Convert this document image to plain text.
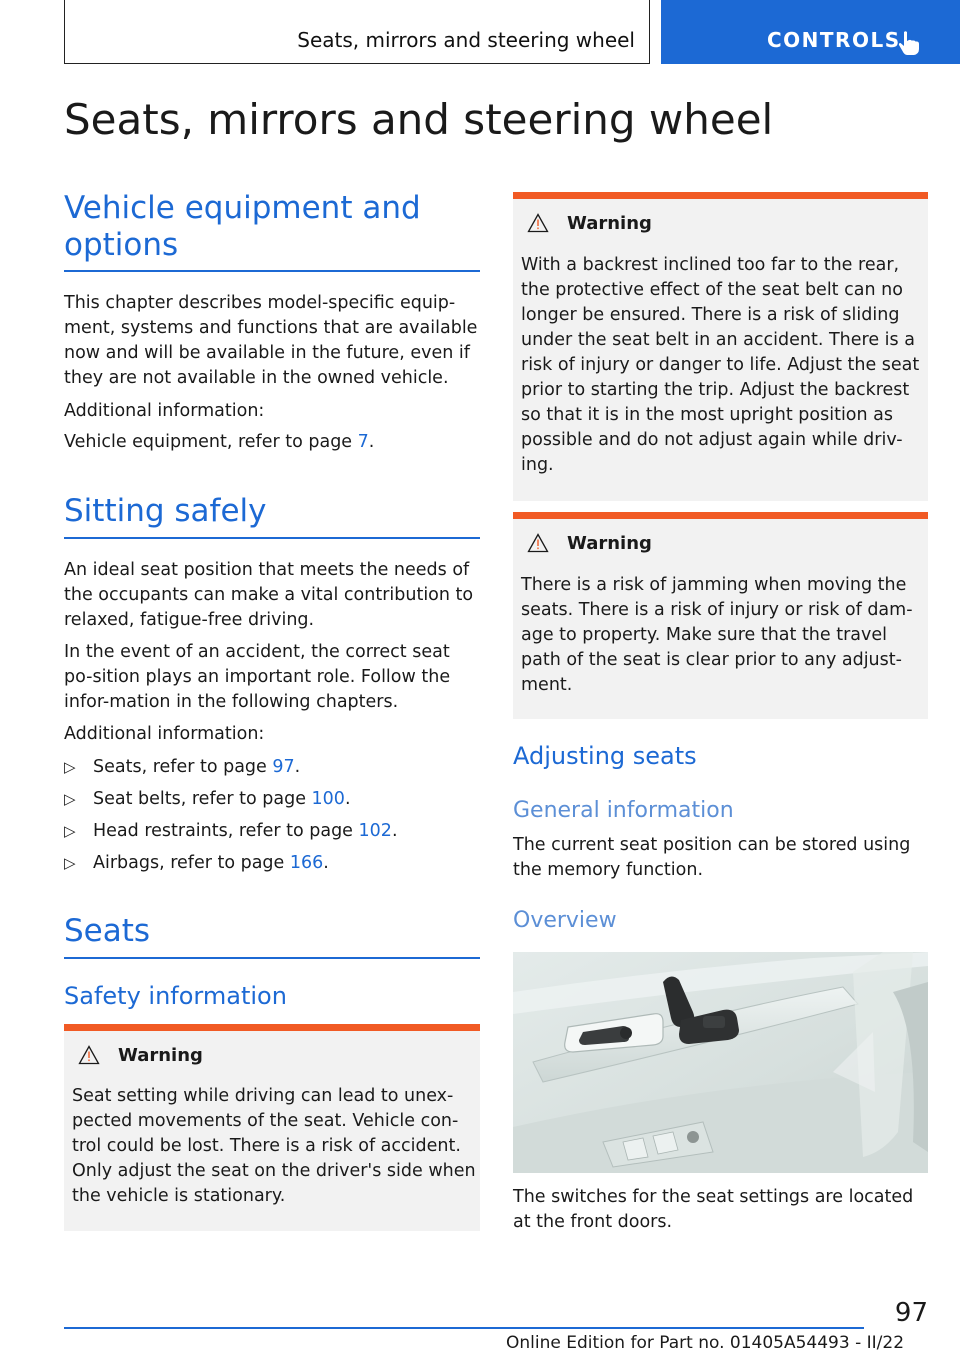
Seats, mirrors and steering wheel	CONTROLS
Seats, mirrors and steering wheel
Vehicle equipment and options

This chapter describes model-specific equip-ment, systems and functions that are available now and will be available in the future, even if they are not available in the owned vehicle.

Additional information:

Vehicle equipment, refer to page 7.

Sitting safely

An ideal seat position that meets the needs of the occupants can make a vital contribution to relaxed, fatigue-free driving.

In the event of an accident, the correct seat po-sition plays an important role. Follow the infor-mation in the following chapters.

Additional information:

▷ Seats, refer to page 97.
▷ Seat belts, refer to page 100.
▷ Head restraints, refer to page 102.
▷ Airbags, refer to page 166.
Seats
Safety information
Warning
Seat setting while driving can lead to unex-pected movements of the seat. Vehicle con-trol could be lost. There is a risk of accident. Only adjust the seat on the driver's side when the vehicle is stationary.
Warning
With a backrest inclined too far to the rear, the protective effect of the seat belt can no longer be ensured. There is a risk of sliding under the seat belt in an accident. There is a risk of injury or danger to life. Adjust the seat prior to starting the trip. Adjust the backrest so that it is in the most upright position as possible and do not adjust again while driv-ing.
Warning
There is a risk of jamming when moving the seats. There is a risk of injury or risk of dam-age to property. Make sure that the travel path of the seat is clear prior to any adjust-ment.
Adjusting seats
General information

The current seat position can be stored using the memory function.

Overview

The switches for the seat settings are located at the front doors.

97
Online Edition for Part no. 01405A54493 - II/22
